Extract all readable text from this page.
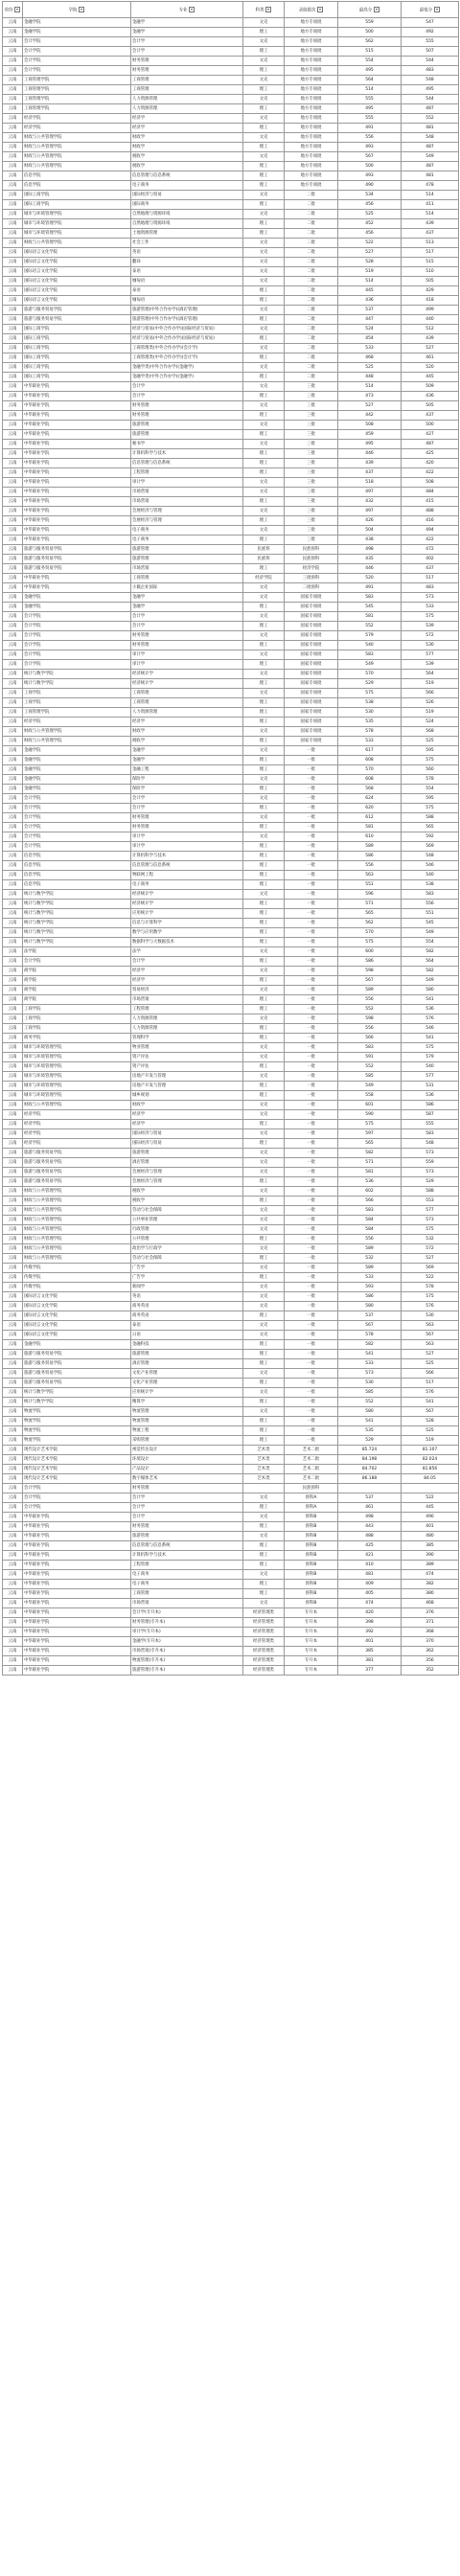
省份	学院	专业	科类	录取批次	最高分	最低分
云南	金融学院	金融学	文史	地方专项批	559	547
云南	金融学院	金融学	理工	地方专项批	500	492
云南	会计学院	会计学	文史	地方专项批	562	555
云南	会计学院	会计学	理工	地方专项批	515	507
云南	会计学院	财务管理	文史	地方专项批	554	544
云南	会计学院	财务管理	理工	地方专项批	495	483
云南	工商管理学院	工商管理	文史	地方专项批	564	548
云南	工商管理学院	工商管理	理工	地方专项批	514	495
云南	工商管理学院	人力资源管理	文史	地方专项批	555	544
云南	工商管理学院	人力资源管理	理工	地方专项批	495	487
云南	经济学院	经济学	文史	地方专项批	555	552
云南	经济学院	经济学	理工	地方专项批	491	481
云南	财政与公共管理学院	财政学	文史	地方专项批	556	548
云南	财政与公共管理学院	财政学	理工	地方专项批	493	487
云南	财政与公共管理学院	税收学	文史	地方专项批	567	549
云南	财政与公共管理学院	税收学	理工	地方专项批	500	487
云南	信息学院	信息管理与信息系统	理工	地方专项批	493	481
云南	信息学院	电子商务	理工	地方专项批	490	478
云南	国际工商学院	国际经济与贸易	文史	二批	534	514
云南	国际工商学院	国际商务	理工	二批	456	411
云南	城市与环境管理学院	自然地理与资源环境	文史	二批	525	514
云南	城市与环境管理学院	自然地理与资源环境	理工	二批	452	439
云南	城市与环境管理学院	土地资源管理	理工	二批	456	437
云南	财政与公共管理学院	社会工作	文史	二批	522	513
云南	国际语言文化学院	英语	文史	二批	527	517
云南	国际语言文化学院	翻译	文史	二批	528	515
云南	国际语言文化学院	泰语	文史	二批	519	510
云南	国际语言文化学院	缅甸语	文史	二批	514	505
云南	国际语言文化学院	泰语	理工	二批	445	429
云南	国际语言文化学院	缅甸语	理工	二批	436	418
云南	旅游与服务贸易学院	旅游管理(中外合作办学)(酒店管理)	文史	二批	537	499
云南	旅游与服务贸易学院	旅游管理(中外合作办学)(酒店管理)	理工	二批	447	440
云南	国际工商学院	经济与贸易(中外合作办学)(国际经济与贸易)	文史	二批	524	512
云南	国际工商学院	经济与贸易(中外合作办学)(国际经济与贸易)	理工	二批	454	439
云南	国际工商学院	工商管理类(中外合作办学)(会计学)	文史	二批	533	527
云南	国际工商学院	工商管理类(中外合作办学)(会计学)	理工	二批	468	461
云南	国际工商学院	金融学类(中外合作办学)(金融学)	文史	二批	525	520
云南	国际工商学院	金融学类(中外合作办学)(金融学)	理工	二批	448	445
云南	中华职业学院	会计学	文史	三批	514	509
云南	中华职业学院	会计学	理工	三批	473	436
云南	中华职业学院	财务管理	文史	三批	527	505
云南	中华职业学院	财务管理	理工	三批	442	437
云南	中华职业学院	旅游管理	文史	三批	508	500
云南	中华职业学院	旅游管理	理工	三批	459	427
云南	中华职业学院	秘书学	文史	三批	495	487
云南	中华职业学院	计算机科学与技术	理工	三批	446	425
云南	中华职业学院	信息管理与信息系统	理工	三批	439	420
云南	中华职业学院	工程管理	理工	三批	437	422
云南	中华职业学院	审计学	文史	三批	518	508
云南	中华职业学院	市场营销	文史	三批	497	484
云南	中华职业学院	市场营销	理工	三批	432	415
云南	中华职业学院	会展经济与管理	文史	三批	497	488
云南	中华职业学院	会展经济与管理	理工	三批	426	416
云南	中华职业学院	电子商务	文史	三批	504	494
云南	中华职业学院	电子商务	理工	三批	438	422
云南	旅游与服务贸易学院	旅游管理	民族班	民族预科	498	472
云南	旅游与服务贸易学院	旅游管理	民族班	民族预科	435	402
云南	旅游与服务贸易学院	市场营销	理工	经济学院	446	437
云南	中华职业学院	工商管理	经济学院	三批预科	520	517
云南	中华职业学院	小微企业国际	文史	二批预科	491	483
云南	金融学院	金融学	文史	国家专项批	583	573
云南	金融学院	金融学	理工	国家专项批	545	533
云南	会计学院	会计学	文史	国家专项批	581	575
云南	会计学院	会计学	理工	国家专项批	552	539
云南	会计学院	财务管理	文史	国家专项批	579	572
云南	会计学院	财务管理	理工	国家专项批	540	530
云南	会计学院	审计学	文史	国家专项批	583	577
云南	会计学院	审计学	理工	国家专项批	549	539
云南	统计与数学学院	经济统计学	文史	国家专项批	570	564
云南	统计与数学学院	经济统计学	理工	国家专项批	529	519
云南	工商学院	工商管理	文史	国家专项批	575	566
云南	工商学院	工商管理	理工	国家专项批	538	526
云南	工商管理学院	人力资源管理	理工	国家专项批	530	519
云南	经济学院	经济学	理工	国家专项批	535	524
云南	财政与公共管理学院	财政学	文史	国家专项批	578	568
云南	财政与公共管理学院	税收学	理工	国家专项批	533	525
云南	金融学院	金融学	文史	一批	617	595
云南	金融学院	金融学	理工	一批	608	575
云南	金融学院	金融工程	理工	一批	570	560
云南	金融学院	保险学	文史	一批	608	578
云南	金融学院	保险学	理工	一批	568	554
云南	会计学院	会计学	文史	一批	624	595
云南	会计学院	会计学	理工	一批	620	575
云南	会计学院	财务管理	文史	一批	612	588
云南	会计学院	财务管理	理工	一批	581	565
云南	会计学院	审计学	文史	一批	610	592
云南	会计学院	审计学	理工	一批	589	569
云南	信息学院	计算机科学与技术	理工	一批	586	548
云南	信息学院	信息管理与信息系统	理工	一批	556	546
云南	信息学院	物联网工程	理工	一批	563	540
云南	信息学院	电子商务	理工	一批	551	538
云南	统计与数学学院	经济统计学	文史	一批	596	583
云南	统计与数学学院	经济统计学	理工	一批	571	556
云南	统计与数学学院	应用统计学	理工	一批	565	551
云南	统计与数学学院	信息与计算科学	理工	一批	562	545
云南	统计与数学学院	数学与应用数学	理工	一批	570	549
云南	统计与数学学院	数据科学与大数据技术	理工	一批	575	554
云南	法学院	法学	文史	一批	600	582
云南	会计学院	会计学	理工	一批	586	564
云南	商学院	经济学	文史	一批	598	582
云南	商学院	经济学	理工	一批	567	549
云南	商学院	贸易经济	文史	一批	589	580
云南	商学院	市场营销	理工	一批	556	541
云南	工商学院	工程管理	理工	一批	552	536
云南	工商学院	人力资源管理	文史	一批	598	576
云南	工商学院	人力资源管理	理工	一批	556	546
云南	商务学院	管理科学	理工	一批	566	541
云南	城市与环境管理学院	物业管理	文史	一批	583	575
云南	城市与环境管理学院	资产评估	文史	一批	591	579
云南	城市与环境管理学院	资产评估	理工	一批	552	540
云南	城市与环境管理学院	房地产开发与管理	文史	一批	585	577
云南	城市与环境管理学院	房地产开发与管理	理工	一批	549	531
云南	城市与环境管理学院	城乡规划	理工	一批	558	536
云南	财政与公共管理学院	财政学	文史	一批	601	586
云南	经济学院	经济学	文史	一批	590	587
云南	经济学院	经济学	理工	一批	575	555
云南	经济学院	国际经济与贸易	文史	一批	597	583
云南	经济学院	国际经济与贸易	理工	一批	565	548
云南	旅游与服务贸易学院	旅游管理	文史	一批	582	573
云南	旅游与服务贸易学院	酒店管理	文史	一批	571	559
云南	旅游与服务贸易学院	会展经济与管理	文史	一批	581	573
云南	旅游与服务贸易学院	会展经济与管理	理工	一批	536	529
云南	财政与公共管理学院	税收学	文史	一批	602	588
云南	财政与公共管理学院	税收学	理工	一批	566	553
云南	财政与公共管理学院	劳动与社会保障	文史	一批	583	577
云南	财政与公共管理学院	公共事业管理	文史	一批	584	573
云南	财政与公共管理学院	行政管理	文史	一批	584	575
云南	财政与公共管理学院	公共管理	理工	一批	556	532
云南	财政与公共管理学院	政治学与行政学	文史	一批	589	572
云南	财政与公共管理学院	劳动与社会保障	理工	一批	532	527
云南	传媒学院	广告学	文史	一批	589	569
云南	传媒学院	广告学	理工	一批	533	522
云南	传媒学院	新闻学	文史	一批	593	578
云南	国际语言文化学院	英语	文史	一批	586	575
云南	国际语言文化学院	商务英语	文史	一批	580	576
云南	国际语言文化学院	商务英语	理工	一批	537	530
云南	国际语言文化学院	泰语	文史	一批	567	563
云南	国际语言文化学院	日语	文史	一批	578	567
云南	金融学院	金融科技	理工	一批	582	563
云南	旅游与服务贸易学院	旅游管理	理工	一批	541	527
云南	旅游与服务贸易学院	酒店管理	理工	一批	533	525
云南	旅游与服务贸易学院	文化产业管理	文史	一批	573	566
云南	旅游与服务贸易学院	文化产业管理	理工	一批	530	517
云南	统计与数学学院	应用统计学	文史	一批	585	576
云南	统计与数学学院	精算学	理工	一批	552	541
云南	物流学院	物流管理	文史	一批	580	567
云南	物流学院	物流管理	理工	一批	541	528
云南	物流学院	物流工程	理工	一批	535	525
云南	物流学院	采购管理	理工	一批	529	519
云南	现代设计艺术学院	视觉传达设计	艺术类	艺术二批	85.724	81.107
云南	现代设计艺术学院	环境设计	艺术类	艺术二批	84.198	82.024
云南	现代设计艺术学院	产品设计	艺术类	艺术二批	84.702	81.856
云南	现代设计艺术学院	数字媒体艺术	艺术类	艺术二批	86.188	84.05
云南	会计学院	财务管理		民族预科		
云南	会计学院	会计学	文史	预科A	537	522
云南	会计学院	会计学	理工	预科A	461	445
云南	中华职业学院	会计学	文史	预科B	498	490
云南	中华职业学院	财务管理	理工	预科B	443	401
云南	中华职业学院	旅游管理	文史	预科B	488	480
云南	中华职业学院	信息管理与信息系统	理工	预科B	425	385
云南	中华职业学院	计算机科学与技术	理工	预科B	421	390
云南	中华职业学院	工程管理	理工	预科B	410	389
云南	中华职业学院	电子商务	文史	预科B	481	474
云南	中华职业学院	电子商务	理工	预科B	409	382
云南	中华职业学院	工商管理	理工	预科B	405	380
云南	中华职业学院	市场营销	文史	预科B	474	468
云南	中华职业学院	会计学(专升本)	经济管理类	专升本	420	376
云南	中华职业学院	财务管理(专升本)	经济管理类	专升本	398	371
云南	中华职业学院	审计学(专升本)	经济管理类	专升本	392	368
云南	中华职业学院	金融学(专升本)	经济管理类	专升本	401	370
云南	中华职业学院	市场营销(专升本)	经济管理类	专升本	385	362
云南	中华职业学院	物流管理(专升本)	经济管理类	专升本	381	356
云南	中华职业学院	旅游管理(专升本)	经济管理类	专升本	377	352
